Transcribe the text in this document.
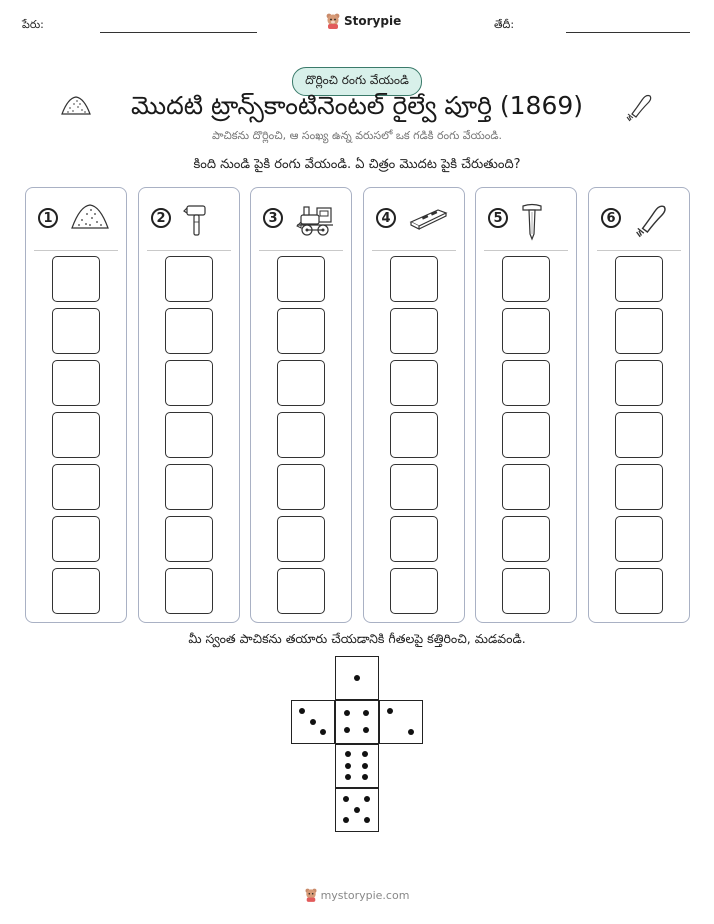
పేరు:	Storypie	తేదీ:
దొర్లించి రంగు వేయండి
మొదటి ట్రాన్స్‌కాంటినెంటల్ రైల్వే పూర్తి (1869)
పాచికను దొర్లించి, ఆ సంఖ్య ఉన్న వరుసలో ఒక గడికి రంగు వేయండి.
కింది నుండి పైకి రంగు వేయండి. ఏ చిత్రం మొదట పైకి చేరుతుంది?
1	2	3	4	5	6
మీ స్వంత పాచికను తయారు చేయడానికి గీతలపై కత్తిరించి, మడవండి.
mystorypie.com
